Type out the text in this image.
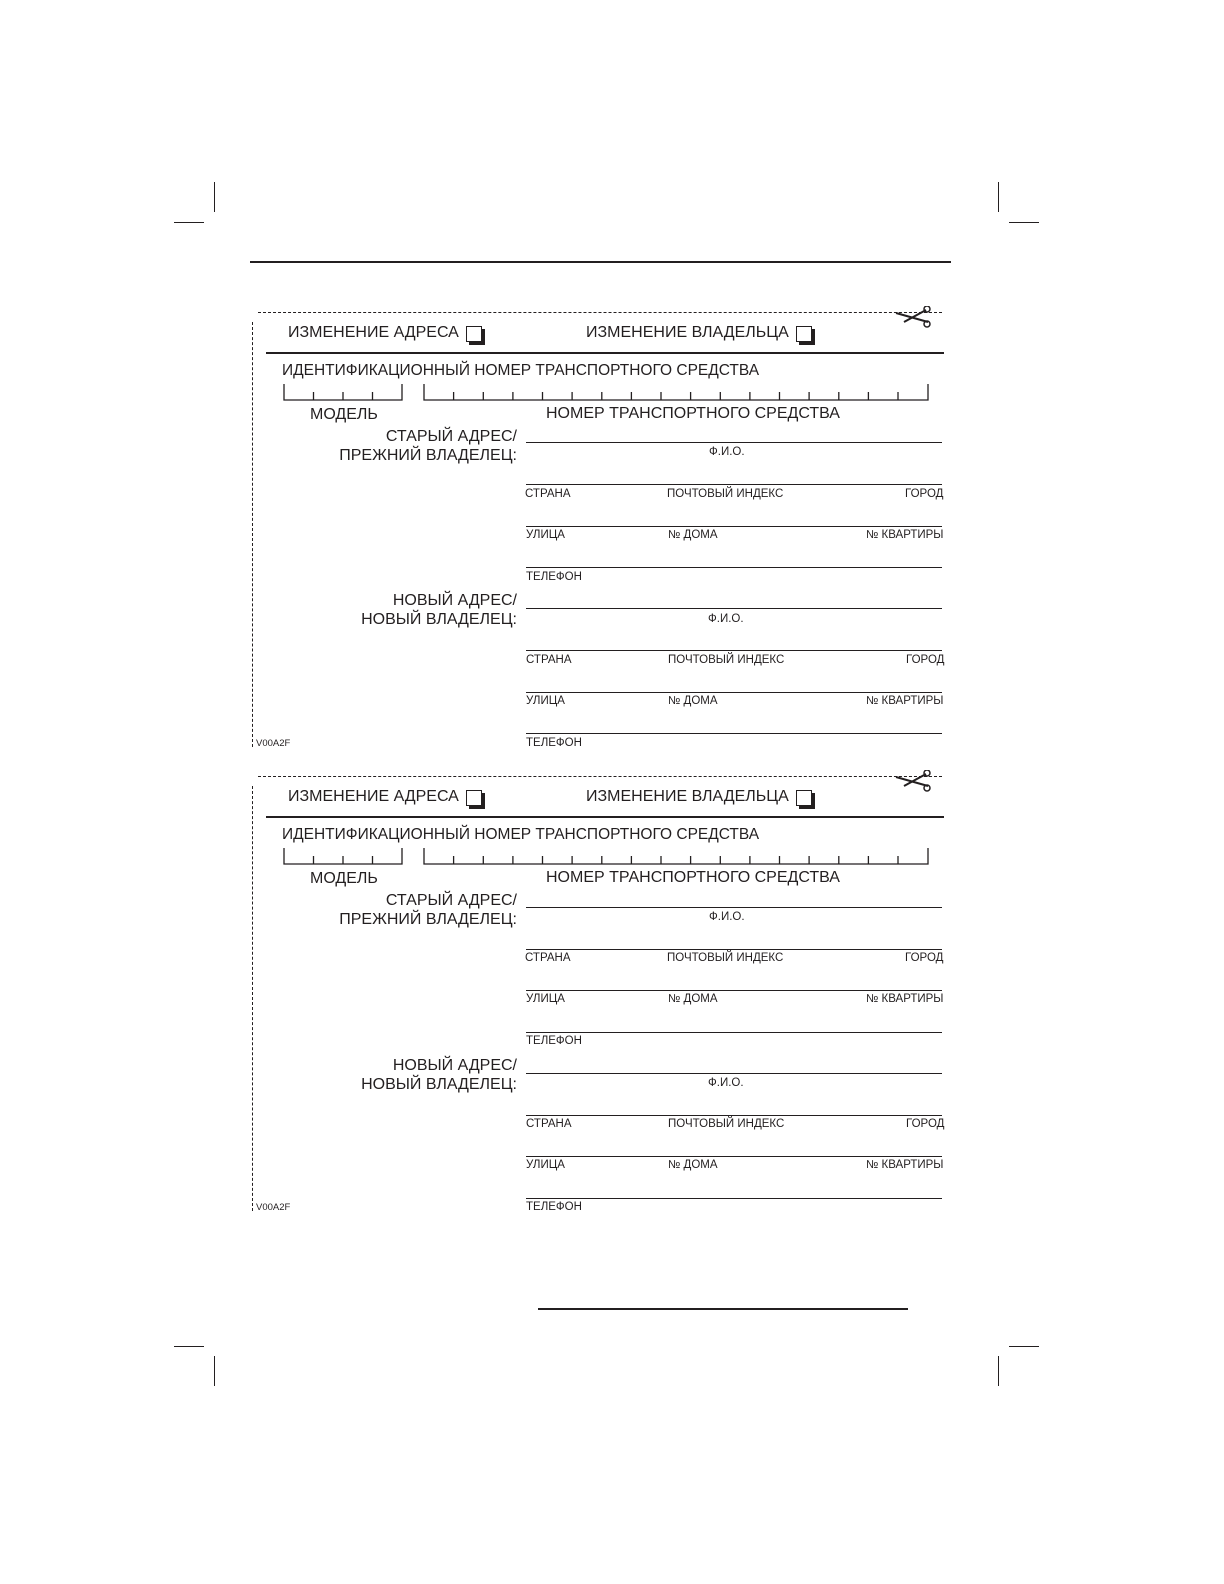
ИЗМЕНЕНИЕ АДРЕСА	ИЗМЕНЕНИЕ ВЛАДЕЛЬЦА
ИДЕНТИФИКАЦИОННЫЙ НОМЕР ТРАНСПОРТНОГО СРЕДСТВА
МОДЕЛЬ	НОМЕР ТРАНСПОРТНОГО СРЕДСТВА
СТАРЫЙ АДРЕС/
ПРЕЖНИЙ ВЛАДЕЛЕЦ:	Ф.И.О.
СТРАНА	ПОЧТОВЫЙ ИНДЕКС	ГОРОД
УЛИЦА	№ ДОМА	№ КВАРТИРЫ
ТЕЛЕФОН
НОВЫЙ АДРЕС/
НОВЫЙ ВЛАДЕЛЕЦ:	Ф.И.О.
СТРАНА	ПОЧТОВЫЙ ИНДЕКС	ГОРОД
УЛИЦА	№ ДОМА	№ КВАРТИРЫ
ТЕЛЕФОН
V00A2F
ИЗМЕНЕНИЕ АДРЕСА	ИЗМЕНЕНИЕ ВЛАДЕЛЬЦА
ИДЕНТИФИКАЦИОННЫЙ НОМЕР ТРАНСПОРТНОГО СРЕДСТВА
МОДЕЛЬ	НОМЕР ТРАНСПОРТНОГО СРЕДСТВА
СТАРЫЙ АДРЕС/
ПРЕЖНИЙ ВЛАДЕЛЕЦ:	Ф.И.О.
СТРАНА	ПОЧТОВЫЙ ИНДЕКС	ГОРОД
УЛИЦА	№ ДОМА	№ КВАРТИРЫ
ТЕЛЕФОН
НОВЫЙ АДРЕС/
НОВЫЙ ВЛАДЕЛЕЦ:	Ф.И.О.
СТРАНА	ПОЧТОВЫЙ ИНДЕКС	ГОРОД
УЛИЦА	№ ДОМА	№ КВАРТИРЫ
ТЕЛЕФОН
V00A2F
